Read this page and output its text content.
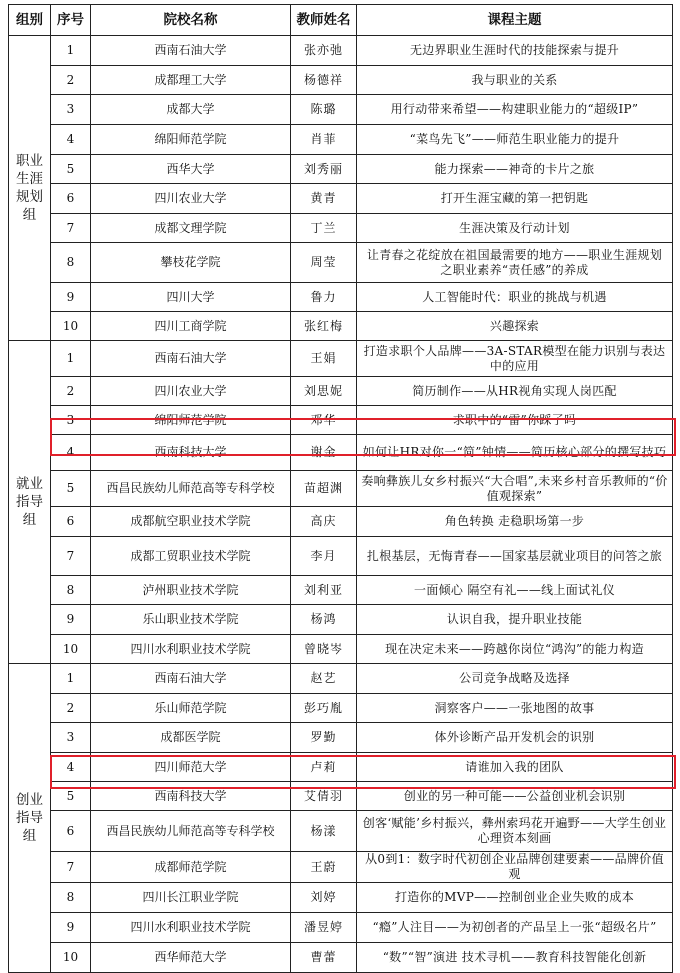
组别	序号	院校名称	教师姓名	课程主题
职业生涯规划组	1	西南石油大学	张亦弛	无边界职业生涯时代的技能探索与提升
	2	成都理工大学	杨德祥	我与职业的关系
	3	成都大学	陈璐	用行动带来希望——构建职业能力的“超级IP”
	4	绵阳师范学院	肖菲	“菜鸟先飞”——师范生职业能力的提升
	5	西华大学	刘秀丽	能力探索——神奇的卡片之旅
	6	四川农业大学	黄青	打开生涯宝藏的第一把钥匙
	7	成都文理学院	丁兰	生涯决策及行动计划
	8	攀枝花学院	周莹	让青春之花绽放在祖国最需要的地方——职业生涯规划之职业素养“责任感”的养成
	9	四川大学	鲁力	人工智能时代：职业的挑战与机遇
	10	四川工商学院	张红梅	兴趣探索
就业指导组	1	西南石油大学	王娟	打造求职个人品牌——3A-STAR模型在能力识别与表达中的应用
	2	四川农业大学	刘思妮	简历制作——从HR视角实现人岗匹配
	3	绵阳师范学院	邓华	求职中的“雷”你踩了吗
	4	西南科技大学	谢金	如何让HR对你一“简”钟情——简历核心部分的撰写技巧
	5	西昌民族幼儿师范高等专科学校	苗超渊	奏响彝族儿女乡村振兴“大合唱”,未来乡村音乐教师的“价值观探索”
	6	成都航空职业技术学院	高庆	角色转换 走稳职场第一步
	7	成都工贸职业技术学院	李月	扎根基层，无悔青春——国家基层就业项目的问答之旅
	8	泸州职业技术学院	刘利亚	一面倾心 隔空有礼——线上面试礼仪
	9	乐山职业技术学院	杨鸿	认识自我，提升职业技能
	10	四川水利职业技术学院	曾晓岑	现在决定未来——跨越你岗位“鸿沟”的能力构造
创业指导组	1	西南石油大学	赵艺	公司竞争战略及选择
	2	乐山师范学院	彭巧胤	洞察客户——一张地图的故事
	3	成都医学院	罗勤	体外诊断产品开发机会的识别
	4	四川师范大学	卢莉	请谁加入我的团队
	5	西南科技大学	艾倩羽	创业的另一种可能——公益创业机会识别
	6	西昌民族幼儿师范高等专科学校	杨漾	创客‘赋能’乡村振兴，彝州索玛花开遍野——大学生创业心理资本刻画
	7	成都师范学院	王蔚	从0到1：数字时代初创企业品牌创建要素——品牌价值观
	8	四川长江职业学院	刘婷	打造你的MVP——控制创业企业失败的成本
	9	四川水利职业技术学院	潘昱婷	“瘾”人注目——为初创者的产品呈上一张“超级名片”
	10	西华师范大学	曹蕾	“数”“智”演进 技术寻机——教育科技智能化创新
